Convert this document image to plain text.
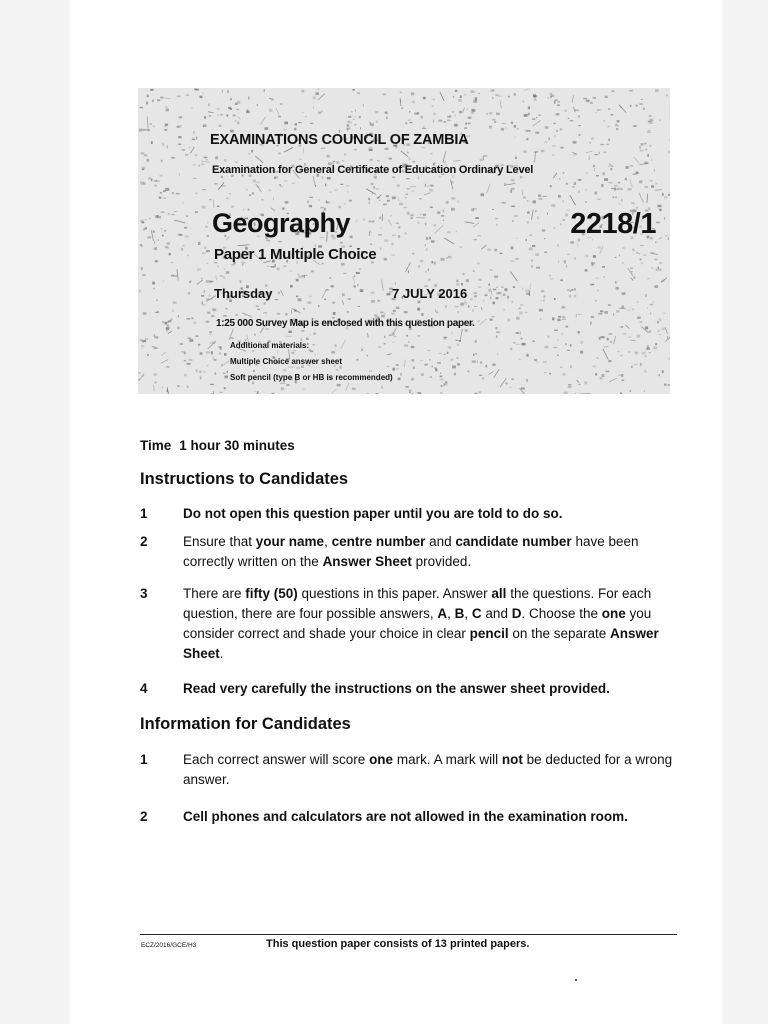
EXAMINATIONS COUNCIL OF ZAMBIA
Examination for General Certificate of Education Ordinary Level
Geography	2218/1
Paper 1 Multiple Choice
Thursday	7 JULY 2016
1:25 000 Survey Map is enclosed with this question paper.
Additional materials:
Multiple Choice answer sheet
Soft pencil (type B or HB is recommended)
Time 1 hour 30 minutes
Instructions to Candidates
1	Do not open this question paper until you are told to do so.
2	Ensure that your name, centre number and candidate number have been correctly written on the Answer Sheet provided.
3	There are fifty (50) questions in this paper. Answer all the questions. For each question, there are four possible answers, A, B, C and D. Choose the one you consider correct and shade your choice in clear pencil on the separate Answer Sheet.
4	Read very carefully the instructions on the answer sheet provided.
Information for Candidates
1	Each correct answer will score one mark. A mark will not be deducted for a wrong answer.
2	Cell phones and calculators are not allowed in the examination room.
ECZ/2016/GCE/H3	This question paper consists of 13 printed papers.
